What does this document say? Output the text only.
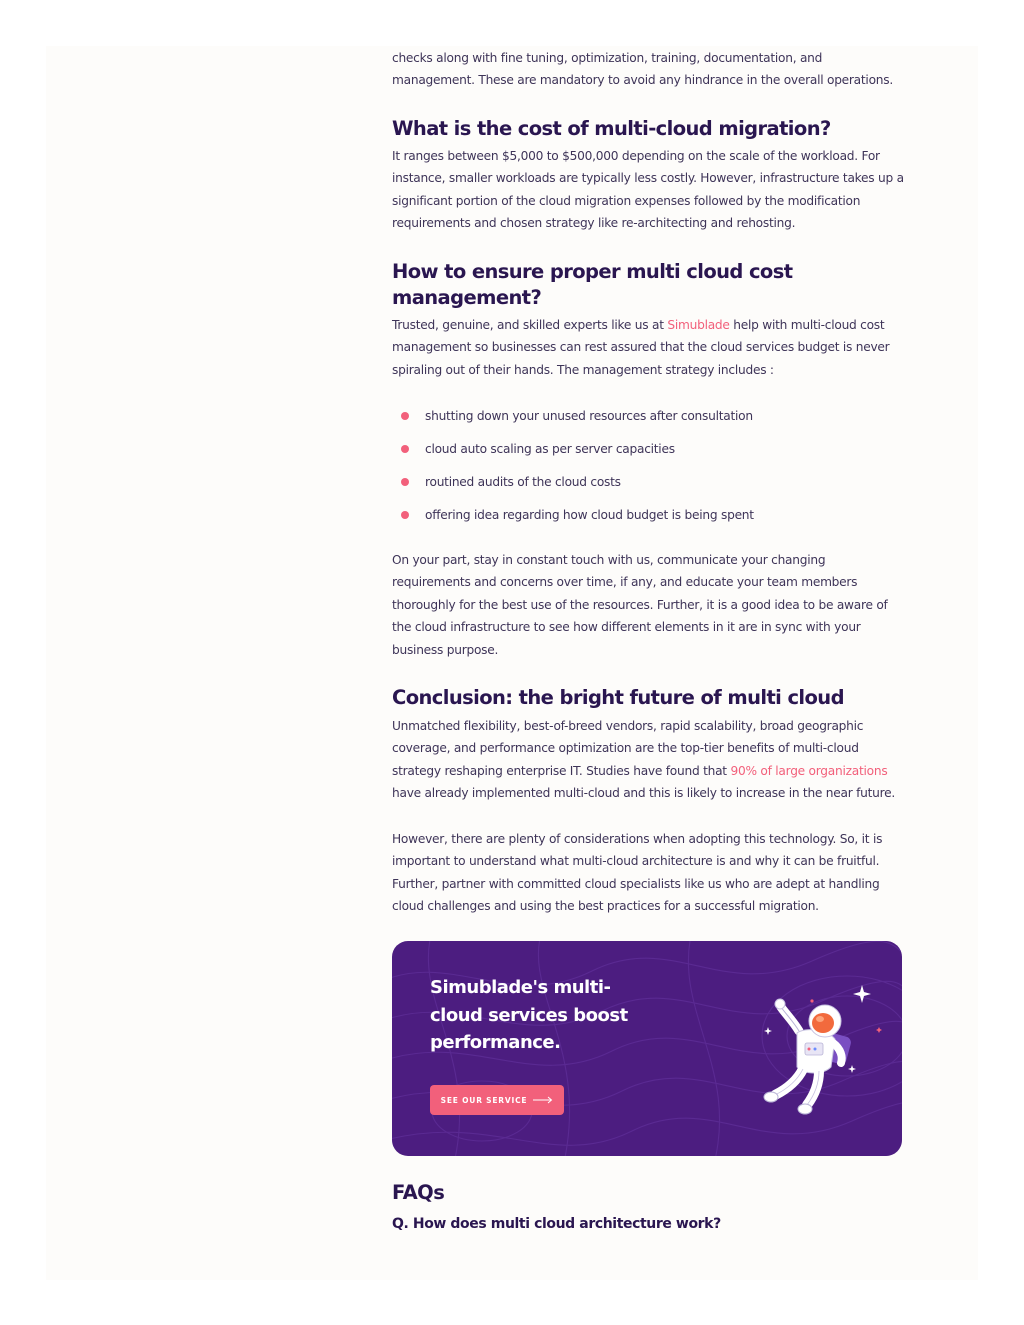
checks along with fine tuning, optimization, training, documentation, and

management. These are mandatory to avoid any hindrance in the overall operations.

What is the cost of multi-cloud migration?

It ranges between $5,000 to $500,000 depending on the scale of the workload. For

instance, smaller workloads are typically less costly. However, infrastructure takes up a

significant portion of the cloud migration expenses followed by the modification

requirements and chosen strategy like re-architecting and rehosting.

How to ensure proper multi cloud cost
management?

Trusted, genuine, and skilled experts like us at Simublade help with multi-cloud cost

management so businesses can rest assured that the cloud services budget is never

spiraling out of their hands. The management strategy includes :

shutting down your unused resources after consultation
cloud auto scaling as per server capacities
routined audits of the cloud costs
offering idea regarding how cloud budget is being spent

On your part, stay in constant touch with us, communicate your changing

requirements and concerns over time, if any, and educate your team members

thoroughly for the best use of the resources. Further, it is a good idea to be aware of

the cloud infrastructure to see how different elements in it are in sync with your

business purpose.

Conclusion: the bright future of multi cloud

Unmatched flexibility, best-of-breed vendors, rapid scalability, broad geographic

coverage, and performance optimization are the top-tier benefits of multi-cloud

strategy reshaping enterprise IT. Studies have found that 90% of large organizations

have already implemented multi-cloud and this is likely to increase in the near future.

However, there are plenty of considerations when adopting this technology. So, it is

important to understand what multi-cloud architecture is and why it can be fruitful.

Further, partner with committed cloud specialists like us who are adept at handling

cloud challenges and using the best practices for a successful migration.

Simublade's multi-
cloud services boost
performance.
SEE OUR SERVICE
FAQs
Q. How does multi cloud architecture work?
